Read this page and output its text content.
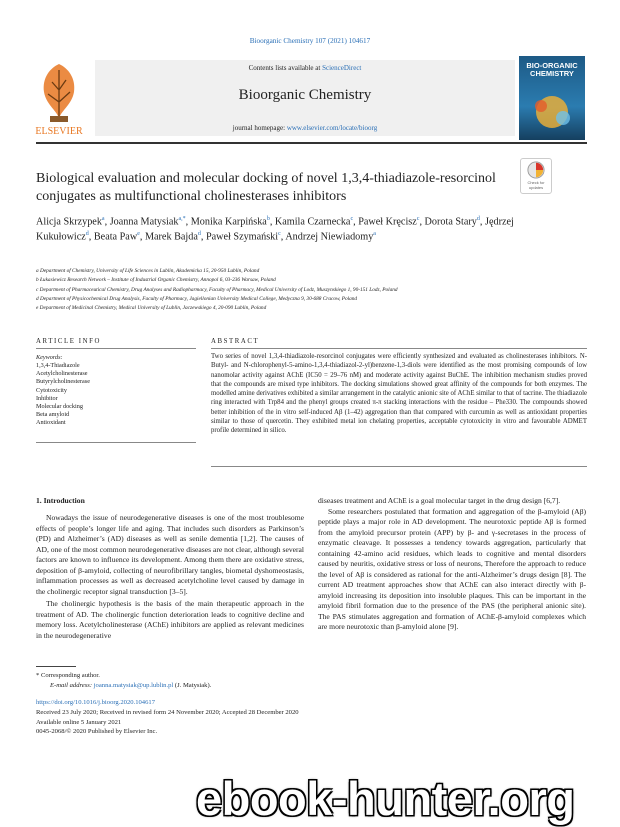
Bioorganic Chemistry 107 (2021) 104617
ELSEVIER
Contents lists available at ScienceDirect
Bioorganic Chemistry
journal homepage: www.elsevier.com/locate/bioorg
BIO-ORGANIC CHEMISTRY
Biological evaluation and molecular docking of novel 1,3,4-thiadiazole-resorcinol conjugates as multifunctional cholinesterases inhibitors
Check for updates
Alicja Skrzypek$^a$, Joanna Matysiak$^{a,*}$, Monika Karpińska$^b$, Kamila Czarnecka$^c$, Paweł Kręcisz$^c$, Dorota Stary$^d$, Jędrzej Kukułowicz$^d$, Beata Paw$^e$, Marek Bajda$^d$, Paweł Szymański$^c$, Andrzej Niewiadomy$^a$
a Department of Chemistry, University of Life Sciences in Lublin, Akademicka 15, 20-950 Lublin, Poland
b Łukasiewicz Research Network – Institute of Industrial Organic Chemistry, Annopol 6, 03-236 Warsaw, Poland
c Department of Pharmaceutical Chemistry, Drug Analyses and Radiopharmacy, Faculty of Pharmacy, Medical University of Lodz, Muszynskiego 1, 90-151 Lodz, Poland
d Department of Physicochemical Drug Analysis, Faculty of Pharmacy, Jagiellonian University Medical College, Medyczna 9, 30-688 Cracow, Poland
e Department of Medicinal Chemistry, Medical University of Lublin, Jaczewskiego 4, 20-090 Lublin, Poland
ARTICLE INFO	ABSTRACT
Keywords:
1,3,4-Thiadiazole
Acetylcholinesterase
Butyrylcholinesterase
Cytotoxicity
Inhibitor
Molecular docking
Beta amyloid
Antioxidant
Two series of novel 1,3,4-thiadiazole-resorcinol conjugates were efficiently synthesized and evaluated as cholinesterases inhibitors. N-Butyl- and N-chlorophenyl-5-amino-1,3,4-thiadiazol-2-yl)benzene-1,3-diols were identified as the most promising compounds of low nanomolar activity against AChE (IC50 = 29–76 nM) and moderate activity against BuChE. The inhibition mechanism studies proved that the compounds are mixed type inhibitors. The docking simulations showed great affinity of the compounds for both enzymes. The modelled amine derivatives exhibited a similar arrangement in the catalytic anionic site of AChE similar to that of tacrine. The thiadiazole ring interacted with Trp84 and the phenyl groups created π-π stacking interactions with the residue – Phe330. The compounds showed better inhibition of the in vitro self-induced Aβ (1–42) aggregation than that compared with curcumin as well as antioxidant properties similar to those of quercetin. They exhibited metal ion chelating properties, acceptable cytotoxicity in vitro and favourable ADMET profile determined in silico.
1. Introduction

Nowadays the issue of neurodegenerative diseases is one of the most troublesome effects of people’s longer life and aging. That includes such disorders as Parkinson’s (PD) and Alzheimer’s (AD) diseases as well as senile dementia [1,2]. The causes of AD, one of the most common neurodegenerative diseases are not clear, although several factors are known to influence its development. Among them there are oxidative stress, deposition of β-amyloid, collecting of neurofibrillary tangles, biometal dyshomeostasis, inflammation processes as well as decreased acetylcholine level caused by damage in the cholinergic receptor signal transduction [3–5].

The cholinergic hypothesis is the basis of the main therapeutic approach in the treatment of AD. The cholinergic function deterioration leads to cognitive decline and memory loss. Acetylcholinesterase (AChE) inhibitors are applied as relevant medicines in the neurodegenerative

diseases treatment and AChE is a goal molecular target in the drug design [6,7].

Some researchers postulated that formation and aggregation of the β-amyloid (Aβ) peptide plays a major role in AD development. The neurotoxic peptide Aβ is formed from the amyloid precursor protein (APP) by β- and γ-secretases in the process of enzymatic cleavage. It possesses a tendency towards aggregation, particularly that containing 42-amino acid residues, which leads to cognitive and mental disorders caused by neuritis, oxidative stress or loss of neurons, Therefore the approach to reduce the level of Aβ is considered as rational for the anti-Alzheimer’s drugs design [8]. The current AD treatment approaches show that AChE can also interact directly with β-amyloid increasing its deposition into insoluble plaques. This can be important in the amyloid fibril formation due to the presence of the PAS (the peripheral anionic site). The PAS stimulates aggregation and formation of AChE-β-amyloid complexes which are more neurotoxic than β-amyloid alone [9].

* Corresponding author.
E-mail address: joanna.matysiak@up.lublin.pl (J. Matysiak).
https://doi.org/10.1016/j.bioorg.2020.104617
Received 23 July 2020; Received in revised form 24 November 2020; Accepted 28 December 2020
Available online 5 January 2021
0045-2068/© 2020 Published by Elsevier Inc.
ebook-hunter.org
